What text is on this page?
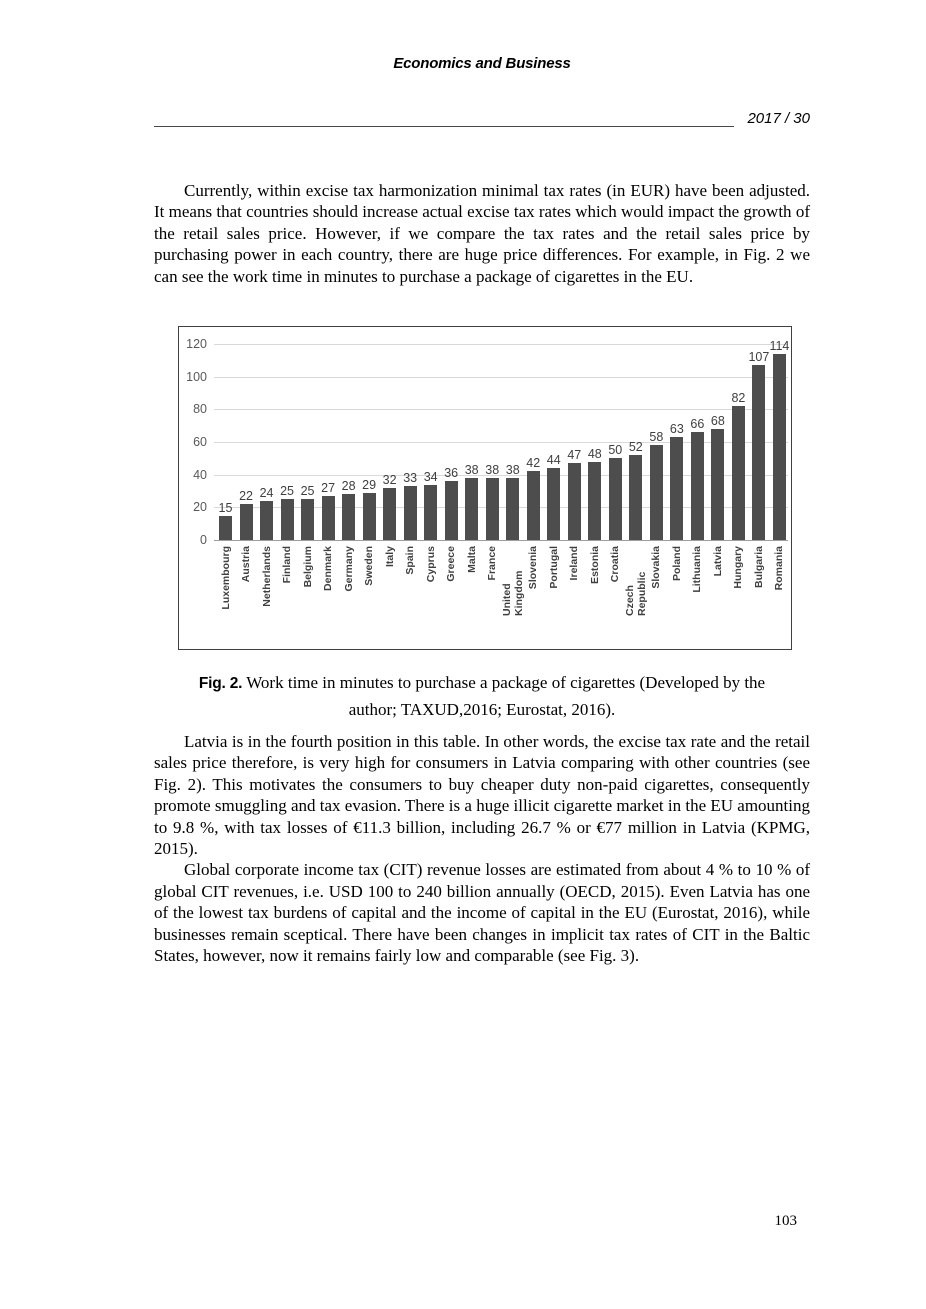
Economics and Business
2017 / 30

Currently, within excise tax harmonization minimal tax rates (in EUR) have been adjusted. It means that countries should increase actual excise tax rates which would impact the growth of the retail sales price. However, if we compare the tax rates and the retail sales price by purchasing power in each country, there are huge price differences. For example, in Fig. 2 we can see the work time in minutes to purchase a package of cigarettes in the EU.

0
20
40
60
80
100
120
15
22 24 25 25 27 28 29 32 33 34 36 38 38 38 42 44 47 48 50 52
58
63 66 68
82
107
114
Luxembourg Austria Netherlands Finland Belgium Denmark Germany Sweden Italy Spain Cyprus Greece Malta France
United Kingdom
Slovenia Portugal Ireland Estonia Croatia
Czech Republic
Slovakia Poland Lithuania Latvia Hungary Bulgaria Romania
Fig. 2. Work time in minutes to purchase a package of cigarettes (Developed by the author; TAXUD,2016; Eurostat, 2016).

Latvia is in the fourth position in this table. In other words, the excise tax rate and the retail sales price therefore, is very high for consumers in Latvia comparing with other countries (see Fig. 2). This motivates the consumers to buy cheaper duty non-paid cigarettes, consequently promote smuggling and tax evasion. There is a huge illicit cigarette market in the EU amounting to 9.8 %, with tax losses of €11.3 billion, including 26.7 % or €77 million in Latvia (KPMG, 2015).

Global corporate income tax (CIT) revenue losses are estimated from about 4 % to 10 % of global CIT revenues, i.e. USD 100 to 240 billion annually (OECD, 2015). Even Latvia has one of the lowest tax burdens of capital and the income of capital in the EU (Eurostat, 2016), while businesses remain sceptical. There have been changes in implicit tax rates of CIT in the Baltic States, however, now it remains fairly low and comparable (see Fig. 3).

103
